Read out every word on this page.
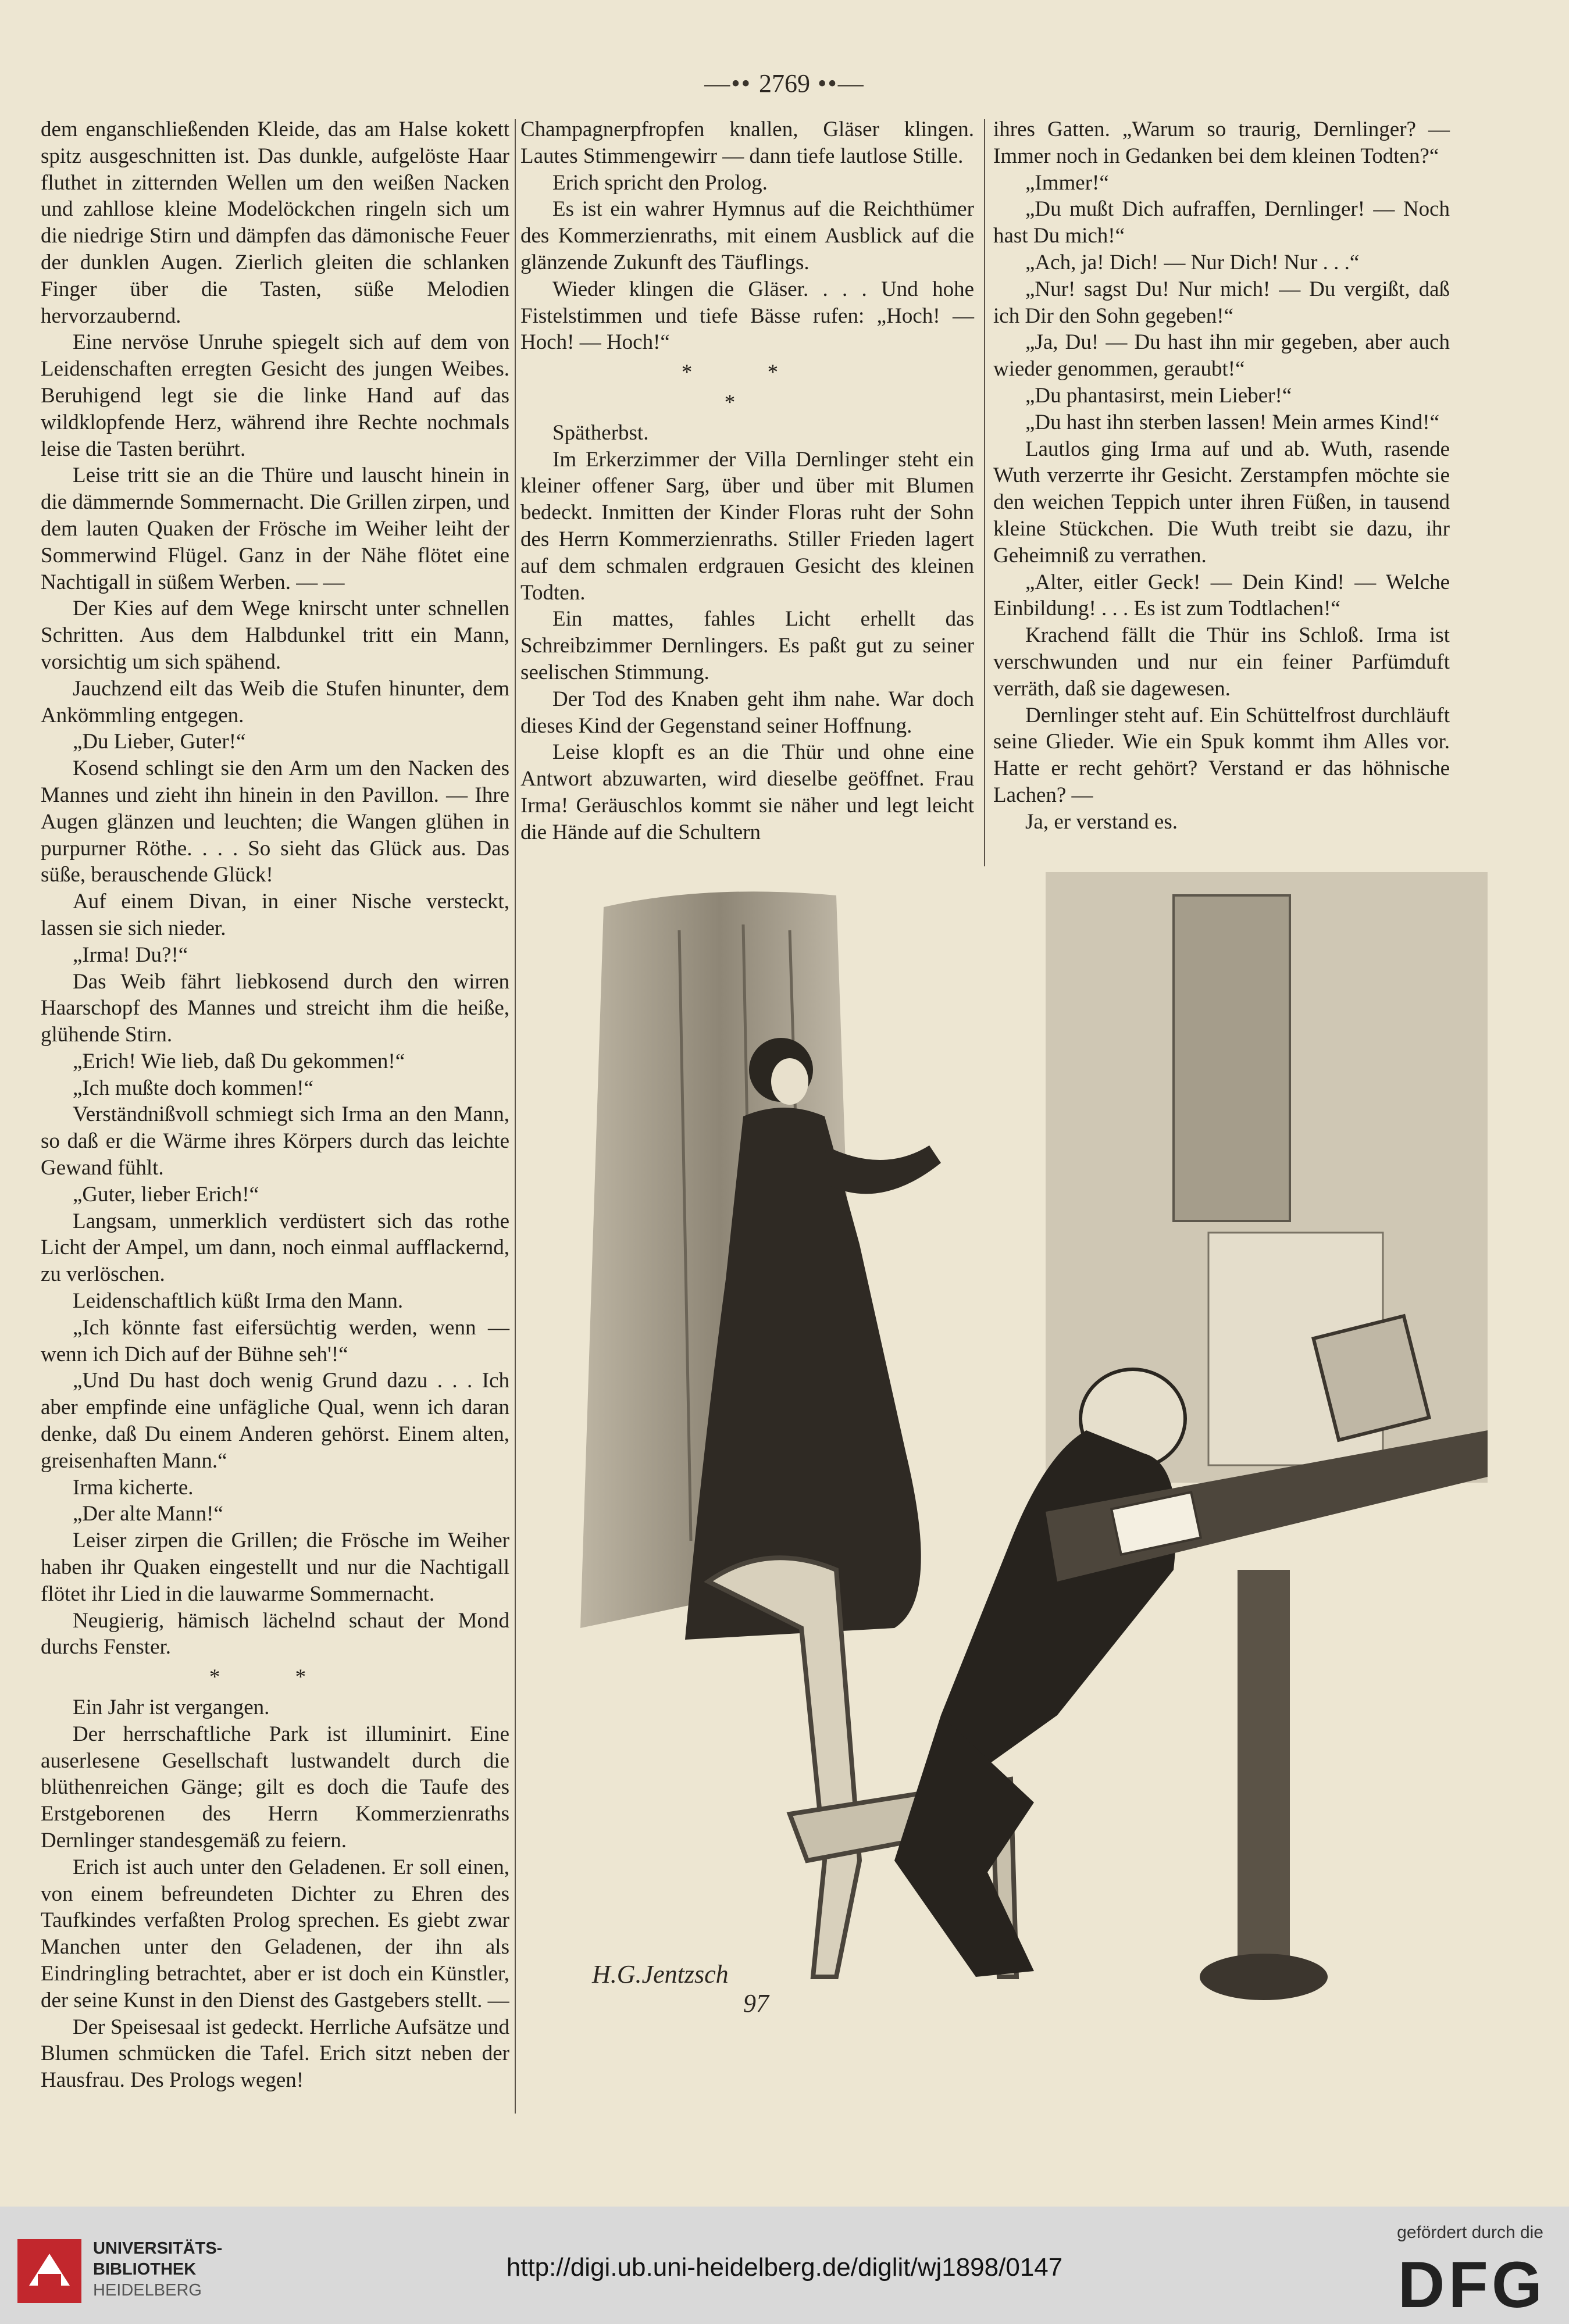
—•• 2769 ••—

dem enganschließenden Kleide, das am Halse kokett spitz ausgeschnitten ist. Das dunkle, aufgelöste Haar fluthet in zitternden Wellen um den weißen Nacken und zahllose kleine Modelöckchen ringeln sich um die niedrige Stirn und dämpfen das dämonische Feuer der dunklen Augen. Zierlich gleiten die schlanken Finger über die Tasten, süße Melodien hervorzaubernd.

Eine nervöse Unruhe spiegelt sich auf dem von Leidenschaften erregten Gesicht des jungen Weibes. Beruhigend legt sie die linke Hand auf das wildklopfende Herz, während ihre Rechte nochmals leise die Tasten berührt.

Leise tritt sie an die Thüre und lauscht hinein in die dämmernde Sommernacht. Die Grillen zirpen, und dem lauten Quaken der Frösche im Weiher leiht der Sommerwind Flügel. Ganz in der Nähe flötet eine Nachtigall in süßem Werben. — —

Der Kies auf dem Wege knirscht unter schnellen Schritten. Aus dem Halbdunkel tritt ein Mann, vorsichtig um sich spähend.

Jauchzend eilt das Weib die Stufen hinunter, dem Ankömmling entgegen.

„Du Lieber, Guter!“

Kosend schlingt sie den Arm um den Nacken des Mannes und zieht ihn hinein in den Pavillon. — Ihre Augen glänzen und leuchten; die Wangen glühen in purpurner Röthe. . . . So sieht das Glück aus. Das süße, berauschende Glück!

Auf einem Divan, in einer Nische versteckt, lassen sie sich nieder.

„Irma! Du?!“

Das Weib fährt liebkosend durch den wirren Haarschopf des Mannes und streicht ihm die heiße, glühende Stirn.

„Erich! Wie lieb, daß Du gekommen!“

„Ich mußte doch kommen!“

Verständnißvoll schmiegt sich Irma an den Mann, so daß er die Wärme ihres Körpers durch das leichte Gewand fühlt.

„Guter, lieber Erich!“

Langsam, unmerklich verdüstert sich das rothe Licht der Ampel, um dann, noch einmal aufflackernd, zu verlöschen.

Leidenschaftlich küßt Irma den Mann.

„Ich könnte fast eifersüchtig werden, wenn — wenn ich Dich auf der Bühne seh'!“

„Und Du hast doch wenig Grund dazu . . . Ich aber empfinde eine unfägliche Qual, wenn ich daran denke, daß Du einem Anderen gehörst. Einem alten, greisenhaften Mann.“

Irma kicherte.

„Der alte Mann!“

Leiser zirpen die Grillen; die Frösche im Weiher haben ihr Quaken eingestellt und nur die Nachtigall flötet ihr Lied in die lauwarme Sommernacht.

Neugierig, hämisch lächelnd schaut der Mond durchs Fenster.

* *

Ein Jahr ist vergangen.

Der herrschaftliche Park ist illuminirt. Eine auserlesene Gesellschaft lustwandelt durch die blüthenreichen Gänge; gilt es doch die Taufe des Erstgeborenen des Herrn Kommerzienraths Dernlinger standesgemäß zu feiern.

Erich ist auch unter den Geladenen. Er soll einen, von einem befreundeten Dichter zu Ehren des Taufkindes verfaßten Prolog sprechen. Es giebt zwar Manchen unter den Geladenen, der ihn als Eindringling betrachtet, aber er ist doch ein Künstler, der seine Kunst in den Dienst des Gastgebers stellt. —

Der Speisesaal ist gedeckt. Herrliche Aufsätze und Blumen schmücken die Tafel. Erich sitzt neben der Hausfrau. Des Prologs wegen!

Champagnerpfropfen knallen, Gläser klingen. Lautes Stimmengewirr — dann tiefe lautlose Stille.

Erich spricht den Prolog.

Es ist ein wahrer Hymnus auf die Reichthümer des Kommerzienraths, mit einem Ausblick auf die glänzende Zukunft des Täuflings.

Wieder klingen die Gläser. . . . Und hohe Fistelstimmen und tiefe Bässe rufen: „Hoch! — Hoch! — Hoch!“

* *

*

Spätherbst.

Im Erkerzimmer der Villa Dernlinger steht ein kleiner offener Sarg, über und über mit Blumen bedeckt. Inmitten der Kinder Floras ruht der Sohn des Herrn Kommerzienraths. Stiller Frieden lagert auf dem schmalen erdgrauen Gesicht des kleinen Todten.

Ein mattes, fahles Licht erhellt das Schreibzimmer Dernlingers. Es paßt gut zu seiner seelischen Stimmung.

Der Tod des Knaben geht ihm nahe. War doch dieses Kind der Gegenstand seiner Hoffnung.

Leise klopft es an die Thür und ohne eine Antwort abzuwarten, wird dieselbe geöffnet. Frau Irma! Geräuschlos kommt sie näher und legt leicht die Hände auf die Schultern

ihres Gatten. „Warum so traurig, Dernlinger? — Immer noch in Gedanken bei dem kleinen Todten?“

„Immer!“

„Du mußt Dich aufraffen, Dernlinger! — Noch hast Du mich!“

„Ach, ja! Dich! — Nur Dich! Nur . . .“

„Nur! sagst Du! Nur mich! — Du vergißt, daß ich Dir den Sohn gegeben!“

„Ja, Du! — Du hast ihn mir gegeben, aber auch wieder genommen, geraubt!“

„Du phantasirst, mein Lieber!“

„Du hast ihn sterben lassen! Mein armes Kind!“

Lautlos ging Irma auf und ab. Wuth, rasende Wuth verzerrte ihr Gesicht. Zerstampfen möchte sie den weichen Teppich unter ihren Füßen, in tausend kleine Stückchen. Die Wuth treibt sie dazu, ihr Geheimniß zu verrathen.

„Alter, eitler Geck! — Dein Kind! — Welche Einbildung! . . . Es ist zum Todtlachen!“

Krachend fällt die Thür ins Schloß. Irma ist verschwunden und nur ein feiner Parfümduft verräth, daß sie dagewesen.

Dernlinger steht auf. Ein Schüttelfrost durchläuft seine Glieder. Wie ein Spuk kommt ihm Alles vor. Hatte er recht gehört? Verstand er das höhnische Lachen? —

Ja, er verstand es.

H.G.Jentzsch
97
UNIVERSITÄTS-
BIBLIOTHEK
HEIDELBERG
http://digi.ub.uni-heidelberg.de/diglit/wj1898/0147
gefördert durch die
DFG
